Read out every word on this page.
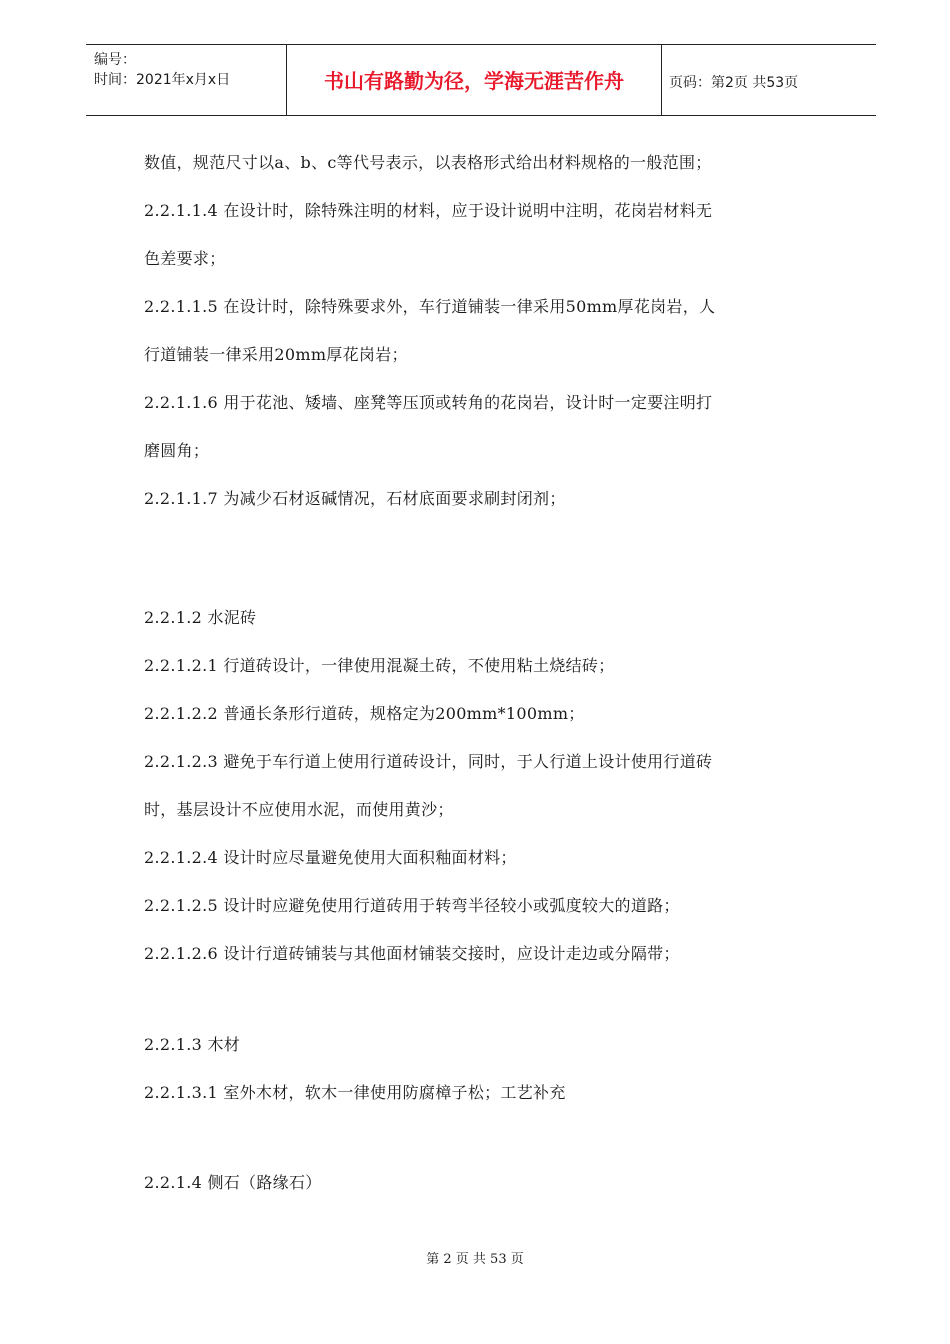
编号：
时间：2021年x月x日	书山有路勤为径，学海无涯苦作舟	页码：第2页 共53页
数值，规范尺寸以a、b、c等代号表示，以表格形式给出材料规格的一般范围；
2.2.1.1.4 在设计时，除特殊注明的材料，应于设计说明中注明，花岗岩材料无
色差要求；
2.2.1.1.5 在设计时，除特殊要求外，车行道铺装一律采用50mm厚花岗岩，人
行道铺装一律采用20mm厚花岗岩；
2.2.1.1.6 用于花池、矮墙、座凳等压顶或转角的花岗岩，设计时一定要注明打
磨圆角；
2.2.1.1.7 为减少石材返碱情况，石材底面要求刷封闭剂；
2.2.1.2 水泥砖
2.2.1.2.1 行道砖设计，一律使用混凝土砖，不使用粘土烧结砖；
2.2.1.2.2 普通长条形行道砖，规格定为200mm*100mm；
2.2.1.2.3 避免于车行道上使用行道砖设计，同时，于人行道上设计使用行道砖
时，基层设计不应使用水泥，而使用黄沙；
2.2.1.2.4 设计时应尽量避免使用大面积釉面材料；
2.2.1.2.5 设计时应避免使用行道砖用于转弯半径较小或弧度较大的道路；
2.2.1.2.6 设计行道砖铺装与其他面材铺装交接时，应设计走边或分隔带；
2.2.1.3 木材
2.2.1.3.1 室外木材，软木一律使用防腐樟子松；工艺补充
2.2.1.4 侧石（路缘石）
第 2 页 共 53 页
